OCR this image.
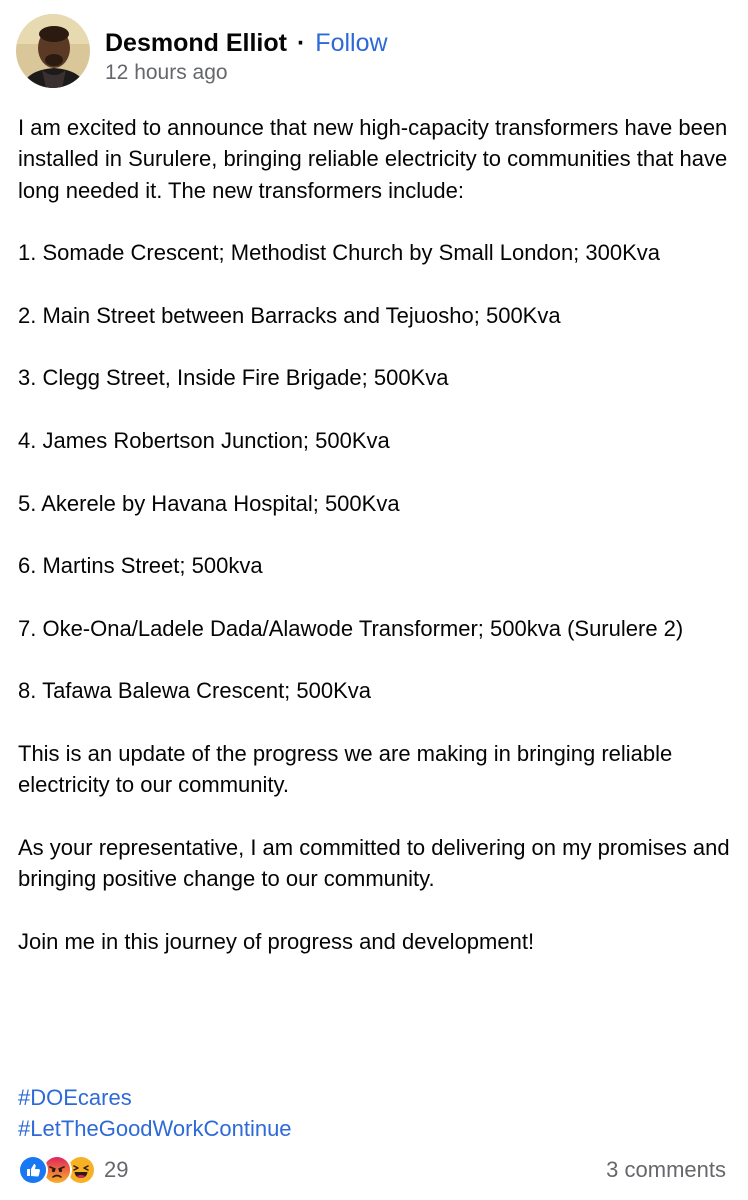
Desmond Elliot · Follow
12 hours ago

I am excited to announce that new high-capacity transformers have been installed in Surulere, bringing reliable electricity to communities that have long needed it. The new transformers include:

1. Somade Crescent; Methodist Church by Small London; 300Kva

2. Main Street between Barracks and Tejuosho; 500Kva

3. Clegg Street, Inside Fire Brigade; 500Kva

4. James Robertson Junction; 500Kva

5. Akerele by Havana Hospital; 500Kva

6. Martins Street; 500kva

7. Oke-Ona/Ladele Dada/Alawode Transformer; 500kva (Surulere 2)

8. Tafawa Balewa Crescent; 500Kva

This is an update of the progress we are making in bringing reliable electricity to our community.

As your representative, I am committed to delivering on my promises and bringing positive change to our community.

Join me in this journey of progress and development!

#DOEcares
#LetTheGoodWorkContinue
29	3 comments
